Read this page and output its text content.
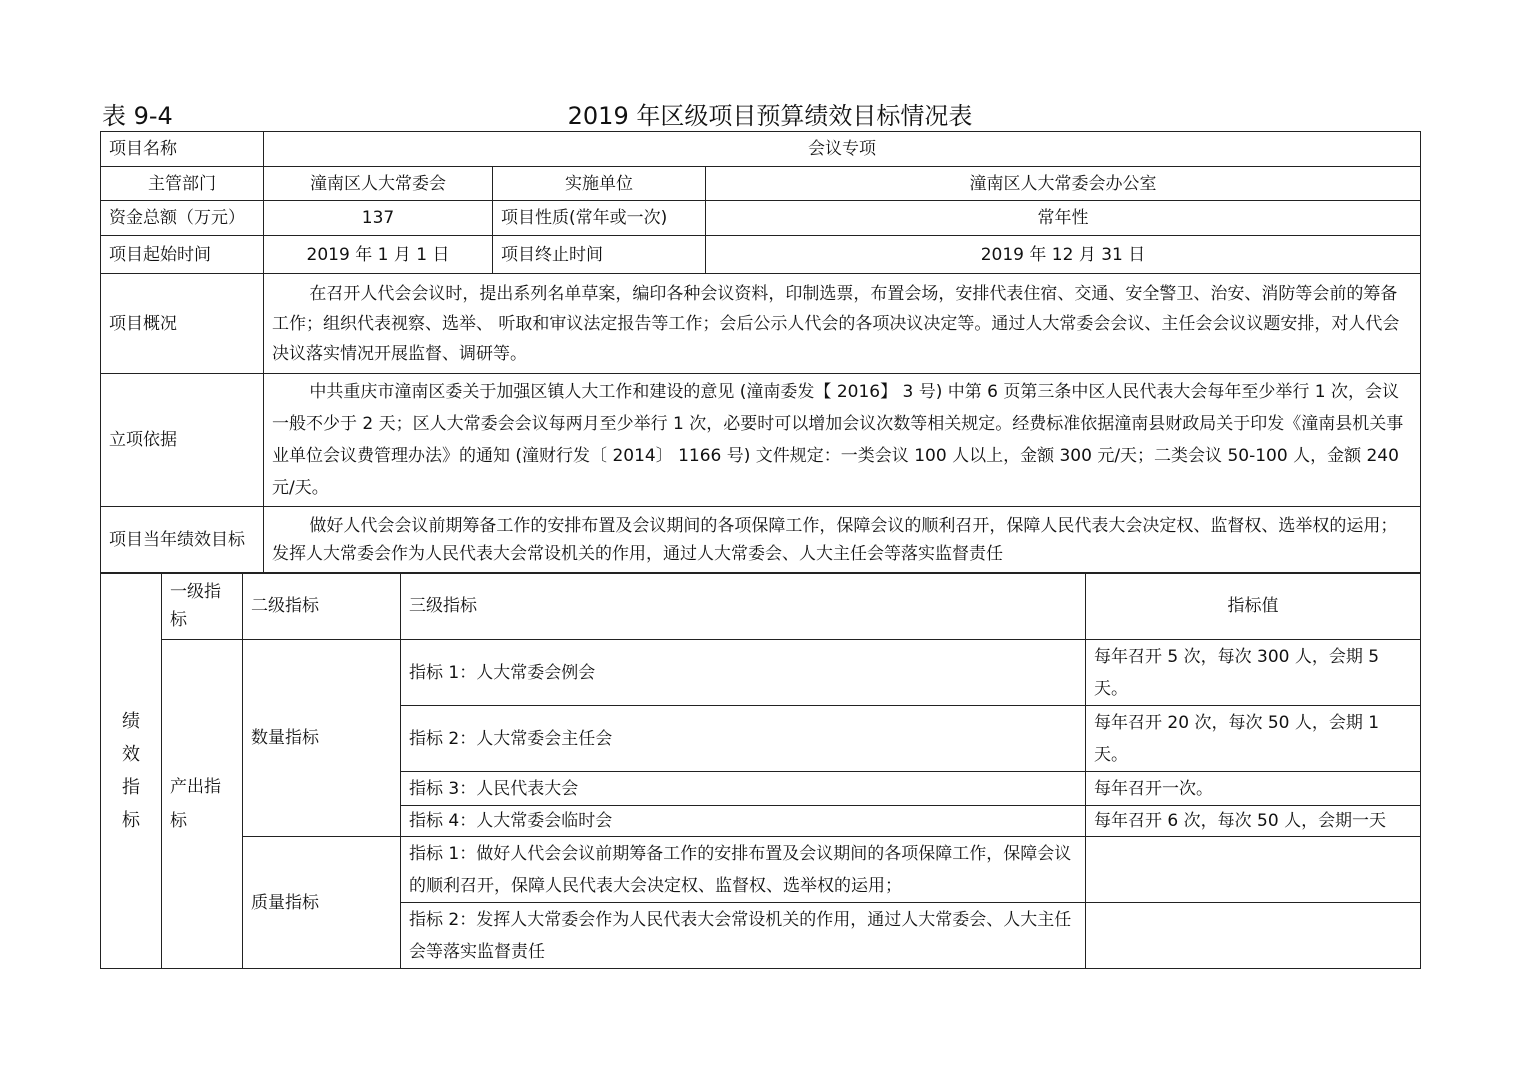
表 9-4	2019 年区级项目预算绩效目标情况表
项目名称	会议专项		
主管部门	潼南区人大常委会	实施单位	潼南区人大常委会办公室
资金总额（万元）	137	项目性质(常年或一次)	常年性
项目起始时间	2019 年 1 月 1 日	项目终止时间	2019 年 12 月 31 日
项目概况	在召开人代会会议时，提出系列名单草案，编印各种会议资料，印制选票，布置会场，安排代表住宿、交通、安全警卫、治安、消防等会前的筹备工作；组织代表视察、选举、 听取和审议法定报告等工作；会后公示人代会的各项决议决定等。通过人大常委会会议、主任会会议议题安排，对人代会决议落实情况开展监督、调研等。		
立项依据	中共重庆市潼南区委关于加强区镇人大工作和建设的意见 (潼南委发【 2016】 3 号) 中第 6 页第三条中区人民代表大会每年至少举行 1 次，会议一般不少于 2 天；区人大常委会会议每两月至少举行 1 次，必要时可以增加会议次数等相关规定。经费标准依据潼南县财政局关于印发《潼南县机关事业单位会议费管理办法》的通知 (潼财行发〔 2014〕 1166 号) 文件规定：一类会议 100 人以上，金额 300 元/天；二类会议 50-100 人，金额 240 元/天。		
项目当年绩效目标	做好人代会会议前期筹备工作的安排布置及会议期间的各项保障工作，保障会议的顺利召开，保障人民代表大会决定权、监督权、选举权的运用；发挥人大常委会作为人民代表大会常设机关的作用，通过人大常委会、人大主任会等落实监督责任		
绩效指标	一级指标	二级指标	三级指标	指标值
	产出指标	数量指标	指标 1：人大常委会例会	每年召开 5 次，每次 300 人，会期 5 天。
			指标 2：人大常委会主任会	每年召开 20 次，每次 50 人，会期 1 天。
			指标 3：人民代表大会	每年召开一次。
			指标 4：人大常委会临时会	每年召开 6 次，每次 50 人，会期一天
		质量指标	指标 1：做好人代会会议前期筹备工作的安排布置及会议期间的各项保障工作，保障会议的顺利召开，保障人民代表大会决定权、监督权、选举权的运用；	
			指标 2：发挥人大常委会作为人民代表大会常设机关的作用，通过人大常委会、人大主任会等落实监督责任	
